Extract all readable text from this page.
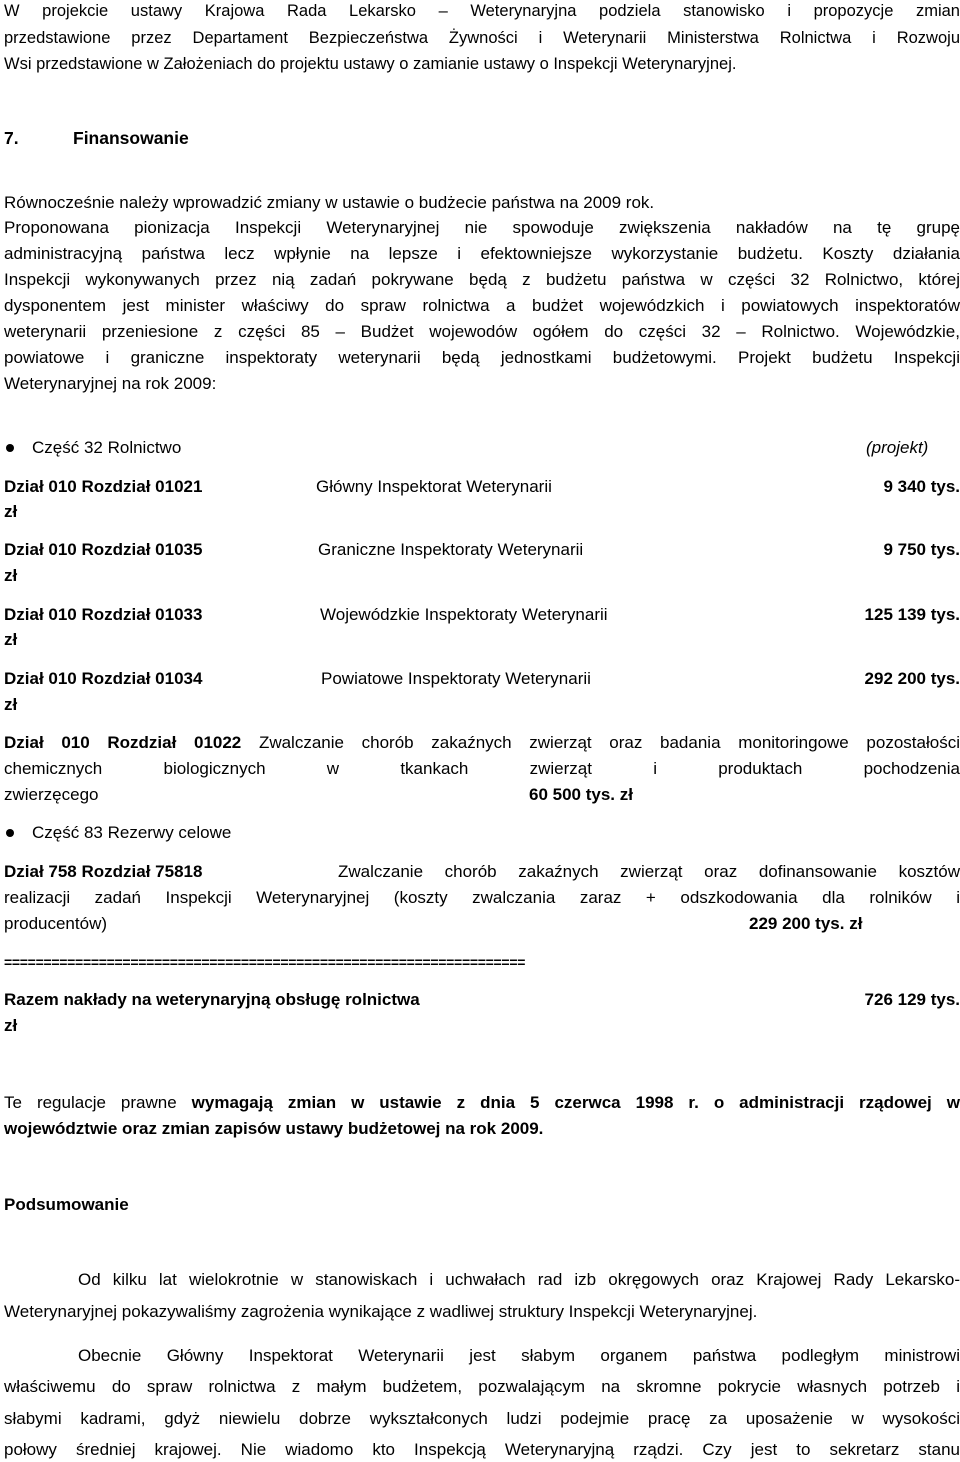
W projekcie ustawy Krajowa Rada Lekarsko – Weterynaryjna podziela stanowisko i propozycje zmian
przedstawione przez Departament Bezpieczeństwa Żywności i Weterynarii Ministerstwa Rolnictwa i Rozwoju
Wsi przedstawione w Założeniach do projektu ustawy o zamianie ustawy o Inspekcji Weterynaryjnej.
7.	Finansowanie
Równocześnie należy wprowadzić zmiany w ustawie o budżecie państwa na 2009 rok.
Proponowana pionizacja Inspekcji Weterynaryjnej nie spowoduje zwiększenia nakładów na tę grupę
administracyjną państwa lecz wpłynie na lepsze i efektowniejsze wykorzystanie budżetu. Koszty działania
Inspekcji wykonywanych przez nią zadań pokrywane będą z budżetu państwa w części 32 Rolnictwo, której
dysponentem jest minister właściwy do spraw rolnictwa a budżet wojewódzkich i powiatowych inspektoratów
weterynarii przeniesione z części 85 – Budżet wojewodów ogółem do części 32 – Rolnictwo. Wojewódzkie,
powiatowe i graniczne inspektoraty weterynarii będą jednostkami budżetowymi. Projekt budżetu Inspekcji
Weterynaryjnej na rok 2009:
Część 32 Rolnictwo	(projekt)
Dział 010 Rozdział 01021	Główny Inspektorat Weterynarii	9 340 tys.
zł
Dział 010 Rozdział 01035	Graniczne Inspektoraty Weterynarii	9 750 tys.
zł
Dział 010 Rozdział 01033	Wojewódzkie Inspektoraty Weterynarii	125 139 tys.
zł
Dział 010 Rozdział 01034	Powiatowe Inspektoraty Weterynarii	292 200 tys.
zł
Dział 010 Rozdział 01022 Zwalczanie chorób zakaźnych zwierząt oraz badania monitoringowe pozostałości
chemicznych biologicznych w tkankach zwierząt i produktach pochodzenia
zwierzęcego	60 500 tys. zł
Część 83 Rezerwy celowe
Dział 758 Rozdział 75818	Zwalczanie chorób zakaźnych zwierząt oraz dofinansowanie kosztów
realizacji zadań Inspekcji Weterynaryjnej (koszty zwalczania zaraz + odszkodowania dla rolników i
producentów)	229 200 tys. zł
==================================================================
Razem nakłady na weterynaryjną obsługę rolnictwa	726 129 tys.
zł
Te regulacje prawne wymagają zmian w ustawie z dnia 5 czerwca 1998 r. o administracji rządowej w
województwie oraz zmian zapisów ustawy budżetowej na rok 2009.
Podsumowanie
Od kilku lat wielokrotnie w stanowiskach i uchwałach rad izb okręgowych oraz Krajowej Rady Lekarsko-
Weterynaryjnej pokazywaliśmy zagrożenia wynikające z wadliwej struktury Inspekcji Weterynaryjnej.
Obecnie Główny Inspektorat Weterynarii jest słabym organem państwa podległym ministrowi
właściwemu do spraw rolnictwa z małym budżetem, pozwalającym na skromne pokrycie własnych potrzeb i
słabymi kadrami, gdyż niewielu dobrze wykształconych ludzi podejmie pracę za uposażenie w wysokości
połowy średniej krajowej. Nie wiadomo kto Inspekcją Weterynaryjną rządzi. Czy jest to sekretarz stanu
